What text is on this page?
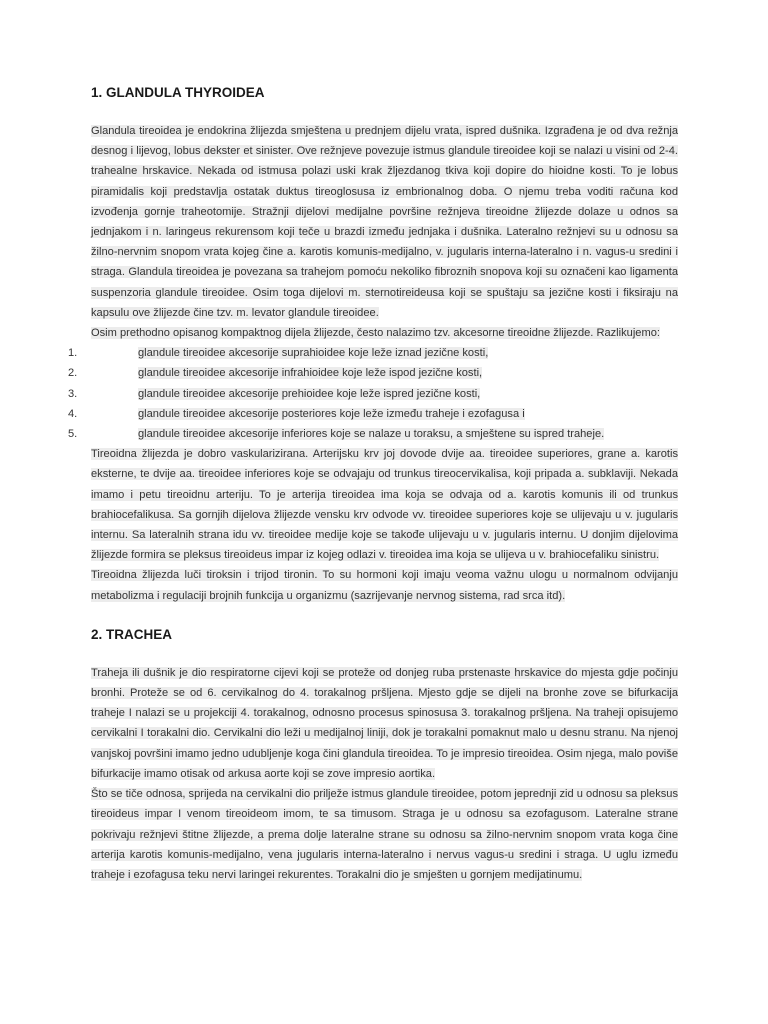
1. GLANDULA THYROIDEA

Glandula tireoidea je endokrina žlijezda smještena u prednjem dijelu vrata, ispred dušnika. Izgrađena je od dva režnja desnog i lijevog, lobus dekster et sinister. Ove režnjeve povezuje istmus glandule tireoidee koji se nalazi u visini od 2-4. trahealne hrskavice. Nekada od istmusa polazi uski krak žljezdanog tkiva koji dopire do hioidne kosti. To je lobus piramidalis koji predstavlja ostatak duktus tireoglosusa iz embrionalnog doba. O njemu treba voditi računa kod izvođenja gornje traheotomije. Stražnji dijelovi medijalne površine režnjeva tireoidne žlijezde dolaze u odnos sa jednjakom i n. laringeus rekurensom koji teče u brazdi između jednjaka i dušnika. Lateralno režnjevi su u odnosu sa žilno-nervnim snopom vrata kojeg čine a. karotis komunis-medijalno, v. jugularis interna-lateralno i n. vagus-u sredini i straga. Glandula tireoidea je povezana sa trahejom pomoću nekoliko fibroznih snopova koji su označeni kao ligamenta suspenzoria glandule tireoidee. Osim toga dijelovi m. sternotireideusa koji se spuštaju sa jezične kosti i fiksiraju na kapsulu ove žlijezde čine tzv. m. levator glandule tireoidee.

Osim prethodno opisanog kompaktnog dijela žlijezde, često nalazimo tzv. akcesorne tireoidne žlijezde. Razlikujemo:

1.	glandule tireoidee akcesorije suprahioidee koje leže iznad jezične kosti,
2.	glandule tireoidee akcesorije infrahioidee koje leže ispod jezične kosti,
3.	glandule tireoidee akcesorije prehioidee koje leže ispred jezične kosti,
4.	glandule tireoidee akcesorije posteriores koje leže između traheje i ezofagusa i
5.	glandule tireoidee akcesorije inferiores koje se nalaze u toraksu, a smještene su ispred traheje.

Tireoidna žlijezda je dobro vaskularizirana. Arterijsku krv joj dovode dvije aa. tireoidee superiores, grane a. karotis eksterne, te dvije aa. tireoidee inferiores koje se odvajaju od trunkus tireocervikalisa, koji pripada a. subklaviji. Nekada imamo i petu tireoidnu arteriju. To je arterija tireoidea ima koja se odvaja od a. karotis komunis ili od trunkus brahiocefalikusa. Sa gornjih dijelova žlijezde vensku krv odvode vv. tireoidee superiores koje se ulijevaju u v. jugularis internu. Sa lateralnih strana idu vv. tireoidee medije koje se takođe ulijevaju u v. jugularis internu. U donjim dijelovima žlijezde formira se pleksus tireoideus impar iz kojeg odlazi v. tireoidea ima koja se ulijeva u v. brahiocefaliku sinistru.

Tireoidna žlijezda luči tiroksin i trijod tironin. To su hormoni koji imaju veoma važnu ulogu u normalnom odvijanju metabolizma i regulaciji brojnih funkcija u organizmu (sazrijevanje nervnog sistema, rad srca itd).

2. TRACHEA

Traheja ili dušnik je dio respiratorne cijevi koji se proteže od donjeg ruba prstenaste hrskavice do mjesta gdje počinju bronhi. Proteže se od 6. cervikalnog do 4. torakalnog pršljena. Mjesto gdje se dijeli na bronhe zove se bifurkacija traheje I nalazi se u projekciji 4. torakalnog, odnosno procesus spinosusa 3. torakalnog pršljena. Na traheji opisujemo cervikalni I torakalni dio. Cervikalni dio leži u medijalnoj liniji, dok je torakalni pomaknut malo u desnu stranu. Na njenoj vanjskoj površini imamo jedno udubljenje koga čini glandula tireoidea. To je impresio tireoidea. Osim njega, malo poviše bifurkacije imamo otisak od arkusa aorte koji se zove impresio aortika.

Što se tiče odnosa, sprijeda na cervikalni dio prilježe istmus glandule tireoidee, potom jeprednji zid u odnosu sa pleksus tireoideus impar I venom tireoideom imom, te sa timusom. Straga je u odnosu sa ezofagusom. Lateralne strane pokrivaju režnjevi štitne žlijezde, a prema dolje lateralne strane su odnosu sa žilno-nervnim snopom vrata koga čine arterija karotis komunis-medijalno, vena jugularis interna-lateralno i nervus vagus-u sredini i straga. U uglu između traheje i ezofagusa teku nervi laringei rekurentes. Torakalni dio je smješten u gornjem medijatinumu.
